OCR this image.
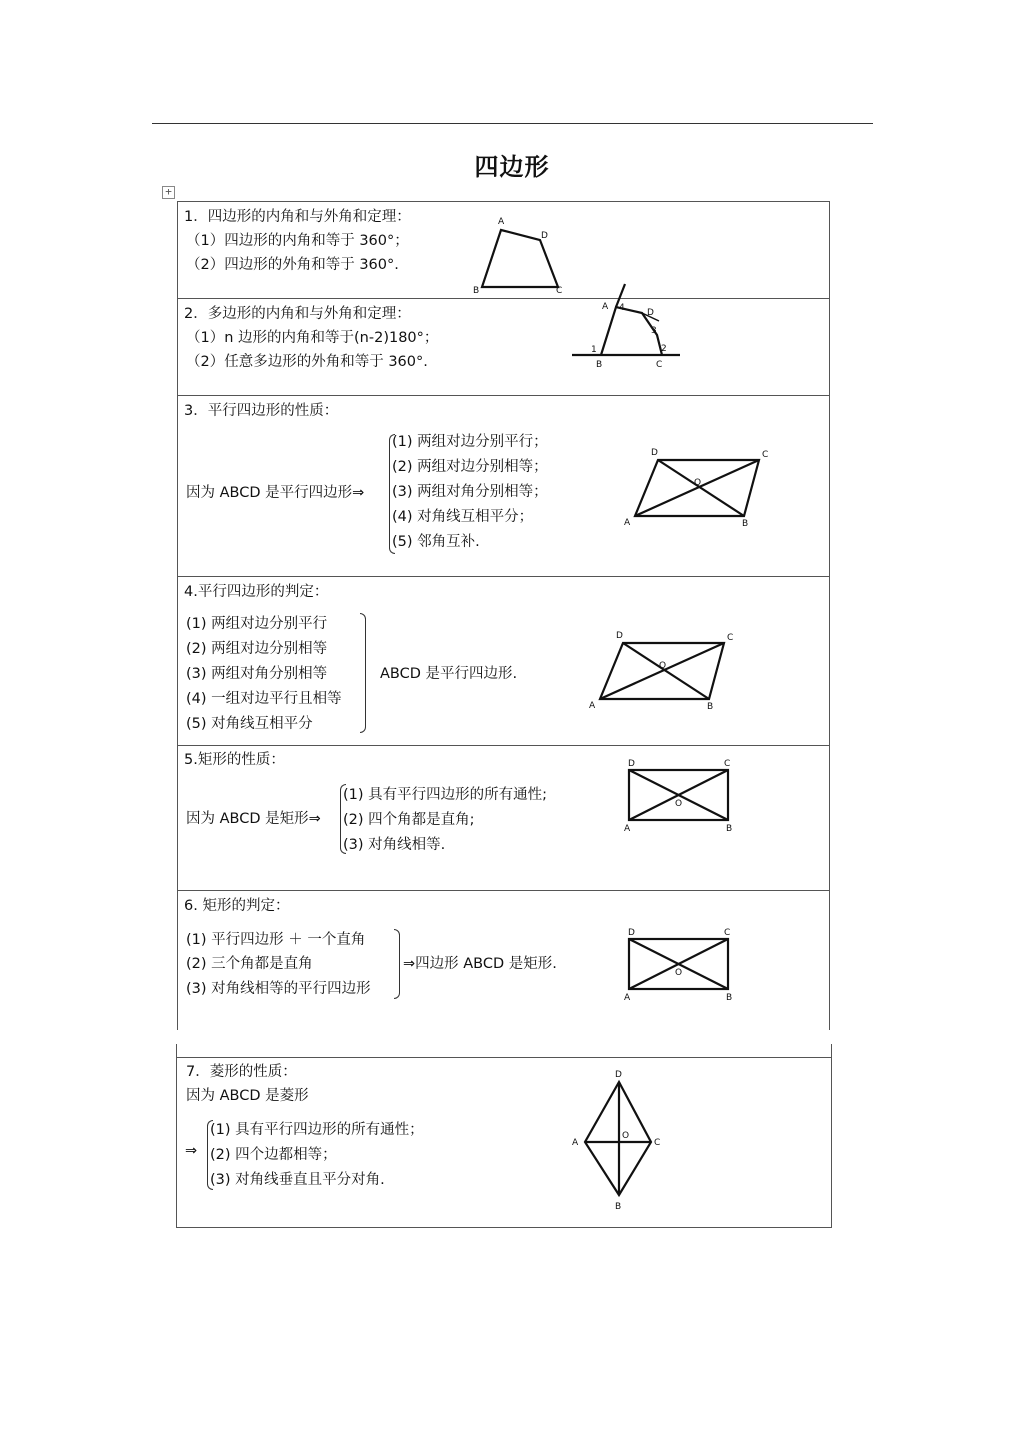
四边形
+
1．四边形的内角和与外角和定理：
（1）四边形的内角和等于 360°；
（2）四边形的外角和等于 360°.
A
D
B	C
2．多边形的内角和与外角和定理：
（1）n 边形的内角和等于(n-2)180°；
（2）任意多边形的外角和等于 360°.
A 4 D
3
1	2
B	C
3．平行四边形的性质：
因为 ABCD 是平行四边形⇒
(1) 两组对边分别平行；
(2) 两组对边分别相等；
(3) 两组对角分别相等；
(4) 对角线互相平分；
(5) 邻角互补.
D	C
O
A	B
4.平行四边形的判定：
(1) 两组对边分别平行
(2) 两组对边分别相等
(3) 两组对角分别相等
(4) 一组对边平行且相等
(5) 对角线互相平分
ABCD 是平行四边形.
D	C
O
A	B
5.矩形的性质：
因为 ABCD 是矩形⇒
(1) 具有平行四边形的所有通性;
(2) 四个角都是直角;
(3) 对角线相等.
D	C
O
A	B
6. 矩形的判定：
(1) 平行四边形 ＋ 一个直角
(2) 三个角都是直角
(3) 对角线相等的平行四边形
⇒四边形 ABCD 是矩形.
D	C
O
A	B
7．菱形的性质：
因为 ABCD 是菱形
⇒
(1) 具有平行四边形的所有通性；
(2) 四个边都相等；
(3) 对角线垂直且平分对角.
D
A
O
C
B
